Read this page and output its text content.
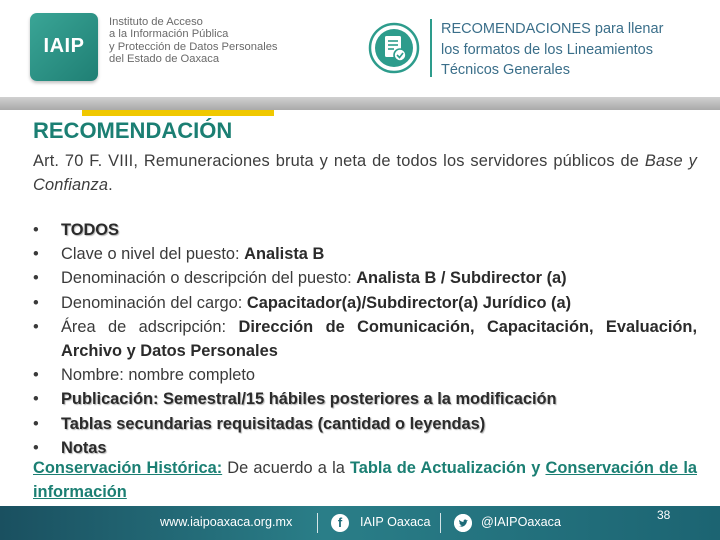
IAIP
Instituto de Acceso
a la Información Pública
y Protección de Datos Personales
del Estado de Oaxaca
RECOMENDACIONES para llenar
los formatos de los Lineamientos
Técnicos Generales
RECOMENDACIÓN
Art. 70 F. VIII, Remuneraciones bruta y neta de todos los servidores públicos de Base y Confianza.
• TODOS
• Clave o nivel del puesto: Analista B
• Denominación o descripción del puesto: Analista B / Subdirector (a)
• Denominación del cargo: Capacitador(a)/Subdirector(a) Jurídico (a)
• Área de adscripción: Dirección de Comunicación, Capacitación, Evaluación, Archivo y Datos Personales
• Nombre: nombre completo
• Publicación: Semestral/15 hábiles posteriores a la modificación
• Tablas secundarias requisitadas (cantidad o leyendas)
• Notas
Conservación Histórica: De acuerdo a la Tabla de Actualización y Conservación de la información
www.iaipoaxaca.org.mx	f	IAIP Oaxaca	@IAIPOaxaca	38
